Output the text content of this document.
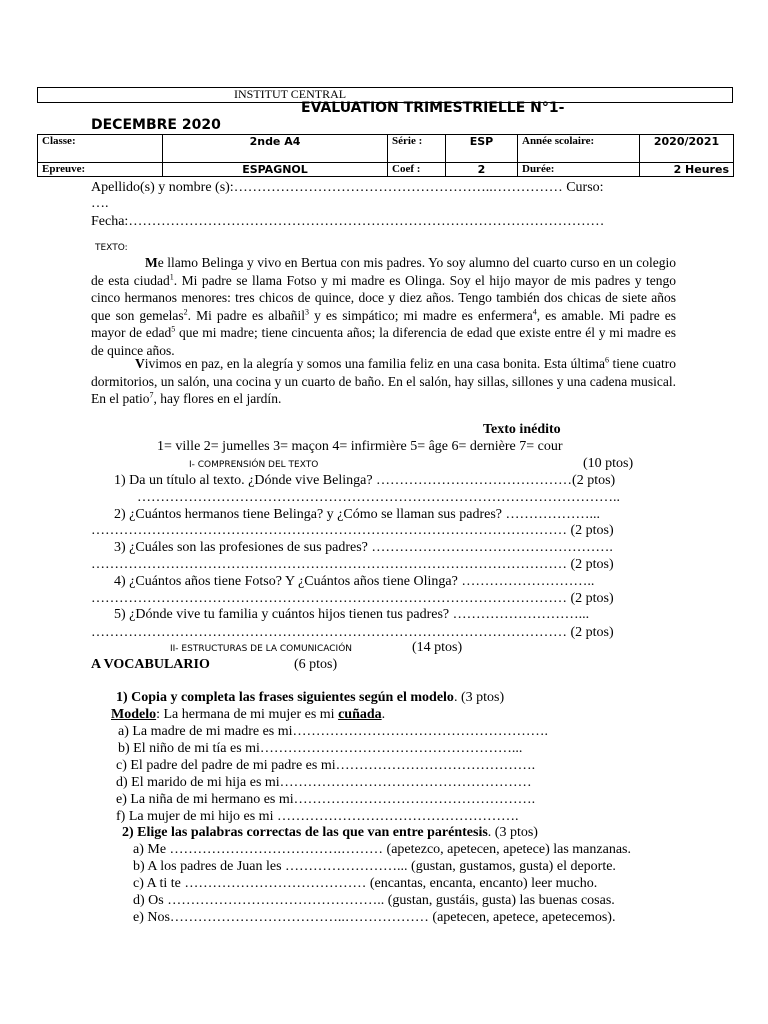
INSTITUT CENTRAL
EVALUATION TRIMESTRIELLE N°1-
DECEMBRE 2020
Classe:	2nde A4	Série :	ESP	Année scolaire:	2020/2021
Epreuve:	ESPAGNOL	Coef :	2	Durée:	2 Heures
Apellido(s) y nombre (s):………………………………………………..…………… Curso:
….
Fecha:…………………………………………………………………………………………
TEXTO:
Me llamo Belinga y vivo en Bertua con mis padres. Yo soy alumno del cuarto curso en un colegio de esta ciudad$^1$. Mi padre se llama Fotso y mi madre es Olinga. Soy el hijo mayor de mis padres y tengo cinco hermanos menores: tres chicos de quince, doce y diez años. Tengo también dos chicas de siete años que son gemelas$^2$. Mi padre es albañil$^3$ y es simpático; mi madre es enfermera$^4$, es amable. Mi padre es mayor de edad$^5$ que mi madre; tiene cincuenta años; la diferencia de edad que existe entre él y mi madre es de quince años.
Vivimos en paz, en la alegría y somos una familia feliz en una casa bonita. Esta última$^6$ tiene cuatro dormitorios, un salón, una cocina y un cuarto de baño. En el salón, hay sillas, sillones y una cadena musical. En el patio$^7$, hay flores en el jardín.
Texto inédito
1= ville 2= jumelles 3= maçon 4= infirmière 5= âge 6= dernière 7= cour
I- COMPRENSIÓN DEL TEXTO	(10 ptos)
1) Da un título al texto. ¿Dónde vive Belinga? ……………………………………(2 ptos)
…………………………………………………………………………………………..
2) ¿Cuántos hermanos tiene Belinga? y ¿Cómo se llaman sus padres? ………………...
………………………………………………………………………………………… (2 ptos)
3) ¿Cuáles son las profesiones de sus padres? …………………………………………….
………………………………………………………………………………………… (2 ptos)
4) ¿Cuántos años tiene Fotso? Y ¿Cuántos años tiene Olinga? ………………………..
………………………………………………………………………………………… (2 ptos)
5) ¿Dónde vive tu familia y cuántos hijos tienen tus padres? ………………………...
………………………………………………………………………………………… (2 ptos)
II- ESTRUCTURAS DE LA COMUNICACIÓN	(14 ptos)
A VOCABULARIO	(6 ptos)
1) Copia y completa las frases siguientes según el modelo. (3 ptos)
Modelo: La hermana de mi mujer es mi cuñada.
a) La madre de mi madre es mi……………………………………………….
b) El niño de mi tía es mi………………………………………………...
c) El padre del padre de mi padre es mi…………………………………….
d) El marido de mi hija es mi………………………………………………
e) La niña de mi hermano es mi…………………………………………….
f) La mujer de mi hijo es mi …………………………………………….
2) Elige las palabras correctas de las que van entre paréntesis. (3 ptos)
a) Me ……………………………….……… (apetezco, apetecen, apetece) las manzanas.
b) A los padres de Juan les ……………………... (gustan, gustamos, gusta) el deporte.
c) A ti te ………………………………… (encantas, encanta, encanto) leer mucho.
d) Os ……………………………………….. (gustan, gustáis, gusta) las buenas cosas.
e) Nos………………………………..……………… (apetecen, apetece, apetecemos).
